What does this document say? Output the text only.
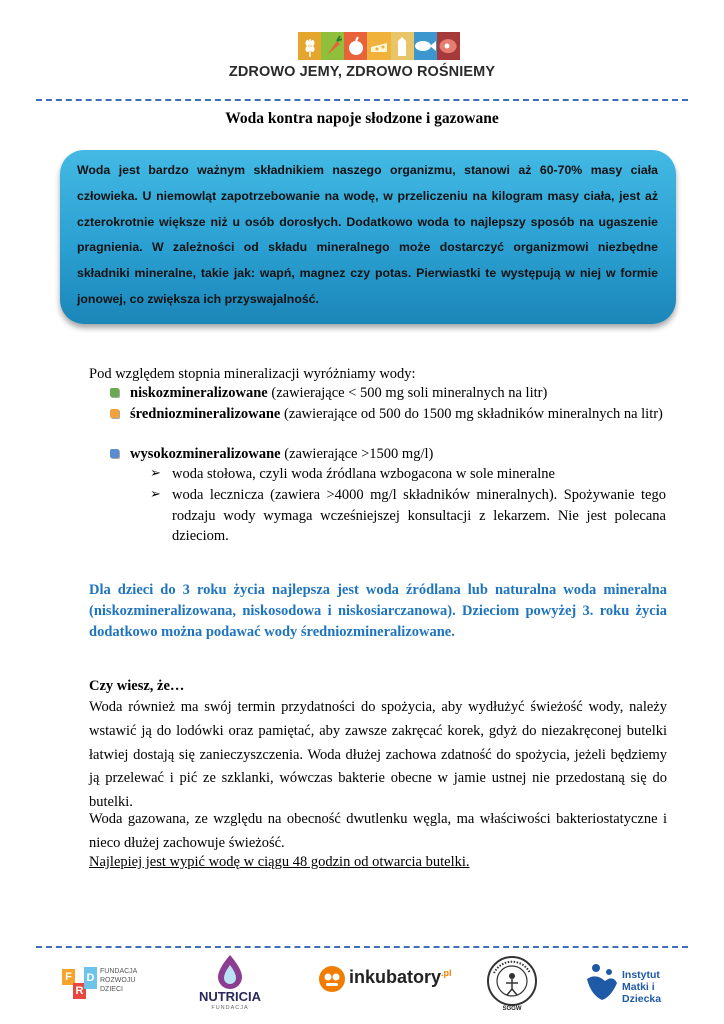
ZDROWO JEMY, ZDROWO ROŚNIEMY
Woda kontra napoje słodzone i gazowane
Woda jest bardzo ważnym składnikiem naszego organizmu, stanowi aż 60-70% masy ciała człowieka. U niemowląt zapotrzebowanie na wodę, w przeliczeniu na kilogram masy ciała, jest aż czterokrotnie większe niż u osób dorosłych. Dodatkowo woda to najlepszy sposób na ugaszenie pragnienia. W zależności od składu mineralnego może dostarczyć organizmowi niezbędne składniki mineralne, takie jak: wapń, magnez czy potas. Pierwiastki te występują w niej w formie jonowej, co zwiększa ich przyswajalność.
Pod względem stopnia mineralizacji wyróżniamy wody:
niskozmineralizowane (zawierające < 500 mg soli mineralnych na litr)
średniozmineralizowane (zawierające od 500 do 1500 mg składników mineralnych na litr)
wysokozmineralizowane (zawierające >1500 mg/l)
➢ woda stołowa, czyli woda źródlana wzbogacona w sole mineralne
➢ woda lecznicza (zawiera >4000 mg/l składników mineralnych). Spożywanie tego rodzaju wody wymaga wcześniejszej konsultacji z lekarzem. Nie jest polecana dzieciom.
Dla dzieci do 3 roku życia najlepsza jest woda źródlana lub naturalna woda mineralna (niskozmineralizowana, niskosodowa i niskosiarczanowa). Dzieciom powyżej 3. roku życia dodatkowo można podawać wody średniozmineralizowane.
Czy wiesz, że…
Woda również ma swój termin przydatności do spożycia, aby wydłużyć świeżość wody, należy wstawić ją do lodówki oraz pamiętać, aby zawsze zakręcać korek, gdyż do niezakręconej butelki łatwiej dostają się zanieczyszczenia. Woda dłużej zachowa zdatność do spożycia, jeżeli będziemy ją przelewać i pić ze szklanki, wówczas bakterie obecne w jamie ustnej nie przedostaną się do butelki.
Woda gazowana, ze względu na obecność dwutlenku węgla, ma właściwości bakteriostatyczne i nieco dłużej zachowuje świeżość.
Najlepiej jest wypić wodę w ciągu 48 godzin od otwarcia butelki.
F
R
D
FUNDACJA
ROZWOJU
DZIECI	NUTRICIA
FUNDACJA
inkubatory$^{.pl}$
SGGW
Instytut
Matki i Dziecka
